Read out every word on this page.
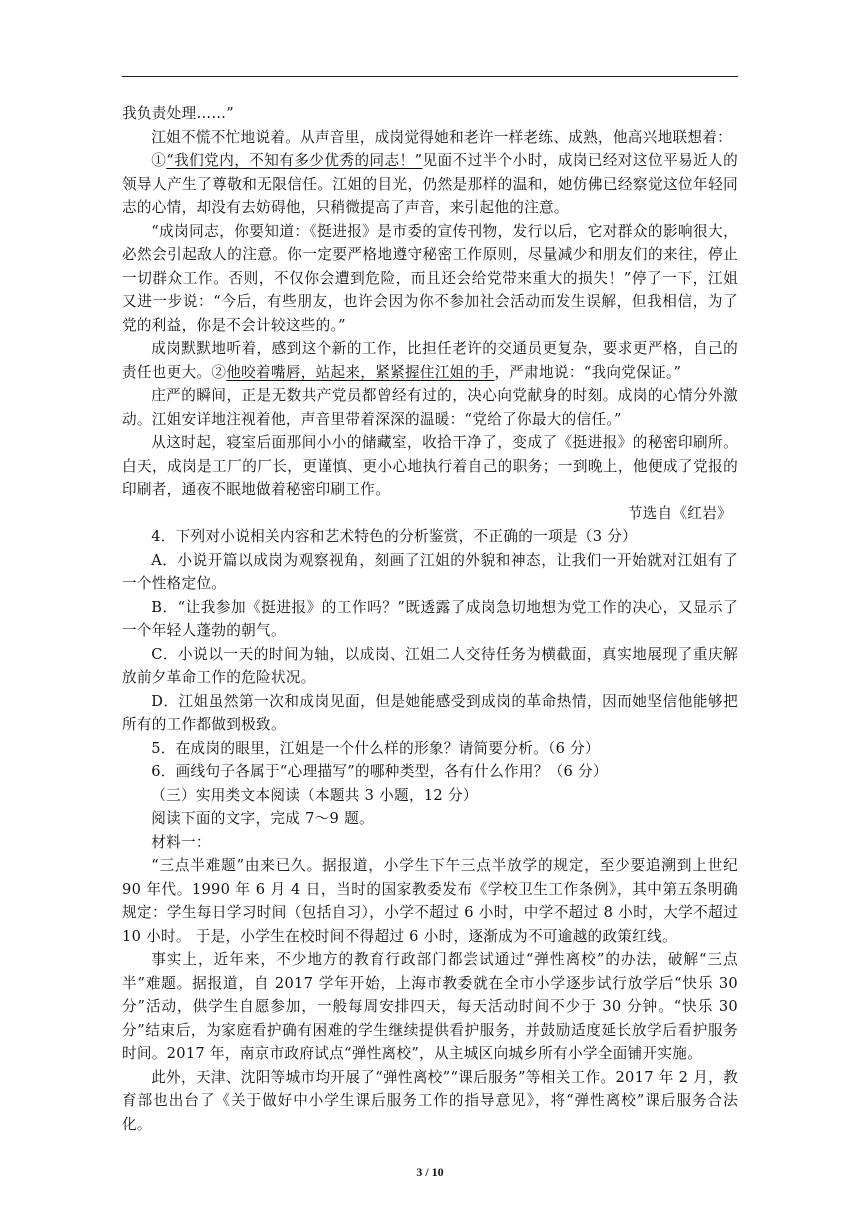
我负责处理……”

江姐不慌不忙地说着。从声音里，成岗觉得她和老许一样老练、成熟，他高兴地联想着：

①“我们党内，不知有多少优秀的同志！”见面不过半个小时，成岗已经对这位平易近人的领导人产生了尊敬和无限信任。江姐的目光，仍然是那样的温和，她仿佛已经察觉这位年轻同志的心情，却没有去妨碍他，只稍微提高了声音，来引起他的注意。

“成岗同志，你要知道：《挺进报》是市委的宣传刊物，发行以后，它对群众的影响很大，必然会引起敌人的注意。你一定要严格地遵守秘密工作原则，尽量减少和朋友们的来往，停止一切群众工作。否则，不仅你会遭到危险，而且还会给党带来重大的损失！”停了一下，江姐又进一步说：“今后，有些朋友，也许会因为你不参加社会活动而发生误解，但我相信，为了党的利益，你是不会计较这些的。”

成岗默默地听着，感到这个新的工作，比担任老许的交通员更复杂，要求更严格，自己的责任也更大。②他咬着嘴唇，站起来，紧紧握住江姐的手，严肃地说：“我向党保证。”

庄严的瞬间，正是无数共产党员都曾经有过的，决心向党献身的时刻。成岗的心情分外激动。江姐安详地注视着他，声音里带着深深的温暖：“党给了你最大的信任。”

从这时起，寝室后面那间小小的储藏室，收拾干净了，变成了《挺进报》的秘密印刷所。白天，成岗是工厂的厂长，更谨慎、更小心地执行着自己的职务；一到晚上，他便成了党报的印刷者，通夜不眠地做着秘密印刷工作。

节选自《红岩》

4．下列对小说相关内容和艺术特色的分析鉴赏，不正确的一项是（3 分）

A．小说开篇以成岗为观察视角，刻画了江姐的外貌和神态，让我们一开始就对江姐有了一个性格定位。

B．“让我参加《挺进报》的工作吗？”既透露了成岗急切地想为党工作的决心，又显示了一个年轻人蓬勃的朝气。

C．小说以一天的时间为轴，以成岗、江姐二人交待任务为横截面，真实地展现了重庆解放前夕革命工作的危险状况。

D．江姐虽然第一次和成岗见面，但是她能感受到成岗的革命热情，因而她坚信他能够把所有的工作都做到极致。

5．在成岗的眼里，江姐是一个什么样的形象？请简要分析。（6 分）

6．画线句子各属于“心理描写”的哪种类型，各有什么作用？（6 分）

（三）实用类文本阅读（本题共 3 小题，12 分）

阅读下面的文字，完成 7～9 题。

材料一：

“三点半难题”由来已久。据报道，小学生下午三点半放学的规定，至少要追溯到上世纪 90 年代。1990 年 6 月 4 日，当时的国家教委发布《学校卫生工作条例》，其中第五条明确规定：学生每日学习时间（包括自习），小学不超过 6 小时，中学不超过 8 小时，大学不超过 10 小时。 于是，小学生在校时间不得超过 6 小时，逐渐成为不可逾越的政策红线。

事实上，近年来，不少地方的教育行政部门都尝试通过“弹性离校”的办法，破解“三点半”难题。据报道，自 2017 学年开始，上海市教委就在全市小学逐步试行放学后“快乐 30 分”活动，供学生自愿参加，一般每周安排四天，每天活动时间不少于 30 分钟。“快乐 30 分”结束后，为家庭看护确有困难的学生继续提供看护服务，并鼓励适度延长放学后看护服务时间。2017 年，南京市政府试点“弹性离校”，从主城区向城乡所有小学全面铺开实施。

此外，天津、沈阳等城市均开展了“弹性离校”“课后服务”等相关工作。2017 年 2 月，教育部也出台了《关于做好中小学生课后服务工作的指导意见》，将“弹性离校”课后服务合法化。

3 / 10
